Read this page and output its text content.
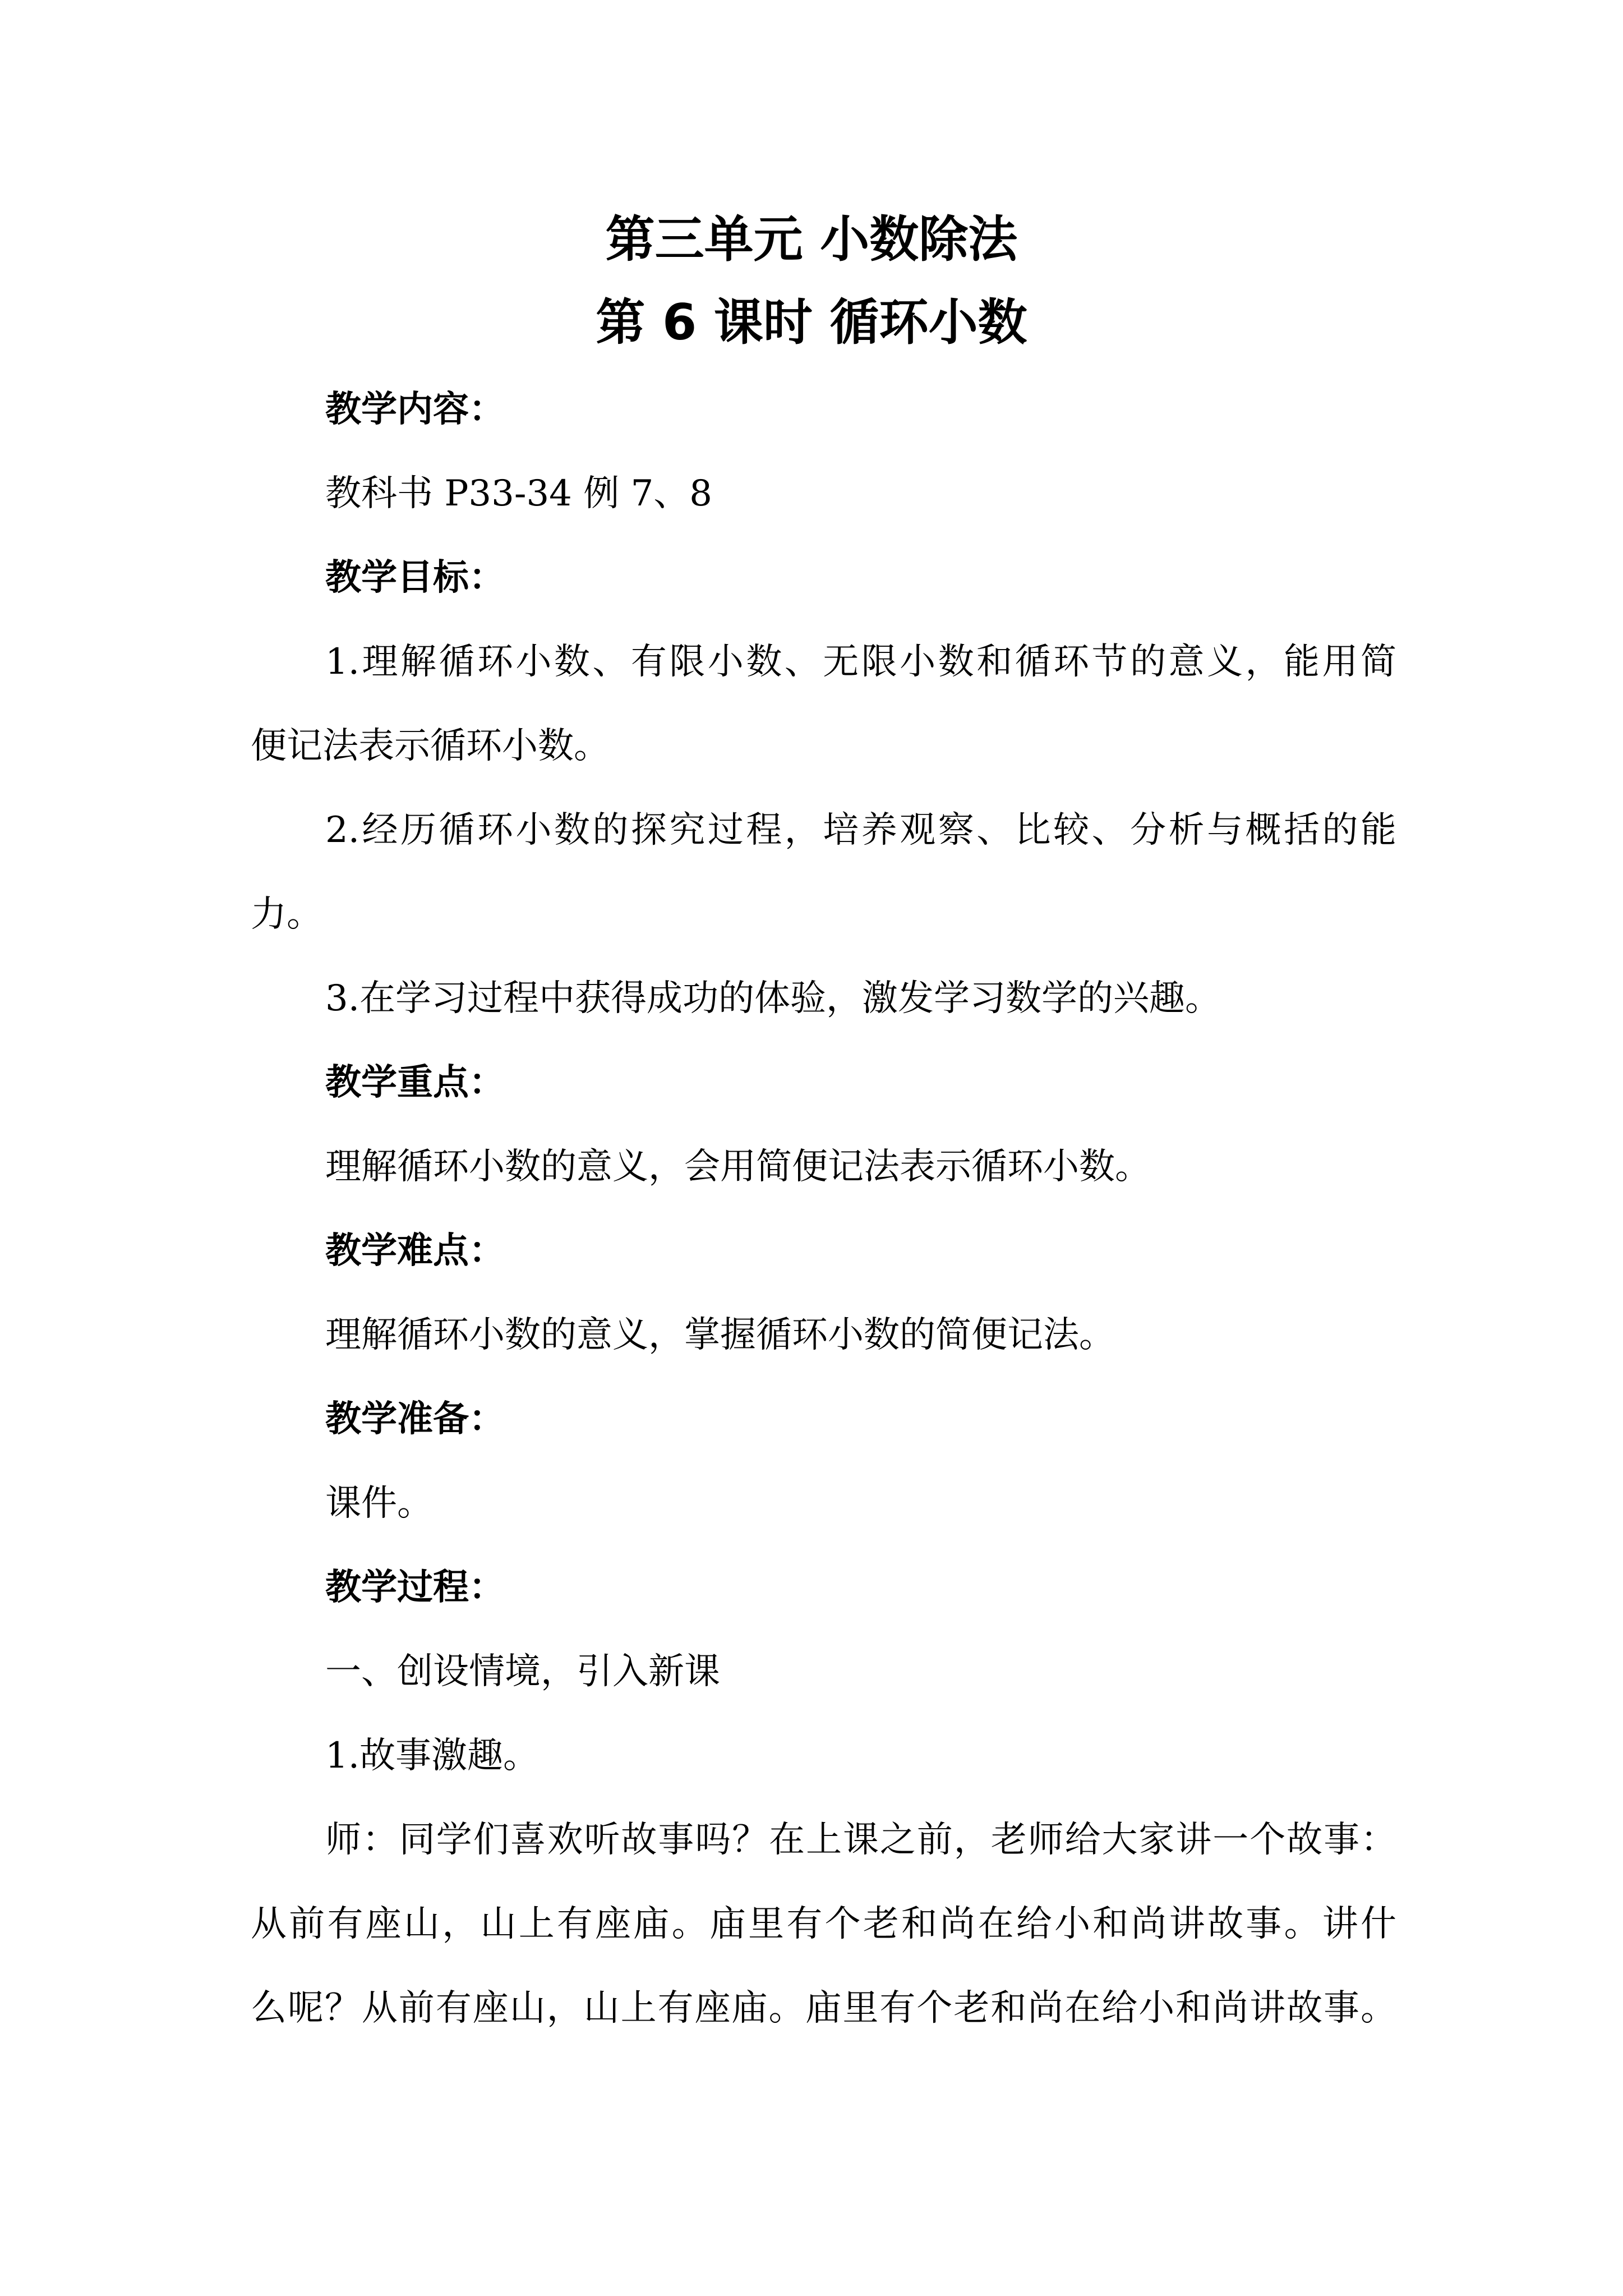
第三单元 小数除法
第 6 课时 循环小数
教学内容：
教科书 P33-34 例 7、8
教学目标：
1.理解循环小数、有限小数、无限小数和循环节的意义，能用简
便记法表示循环小数。
2.经历循环小数的探究过程，培养观察、比较、分析与概括的能
力。
3.在学习过程中获得成功的体验，激发学习数学的兴趣。
教学重点：
理解循环小数的意义，会用简便记法表示循环小数。
教学难点：
理解循环小数的意义，掌握循环小数的简便记法。
教学准备：
课件。
教学过程：
一、创设情境，引入新课
1.故事激趣。
师：同学们喜欢听故事吗？在上课之前，老师给大家讲一个故事：
从前有座山，山上有座庙。庙里有个老和尚在给小和尚讲故事。讲什
么呢？从前有座山，山上有座庙。庙里有个老和尚在给小和尚讲故事。
